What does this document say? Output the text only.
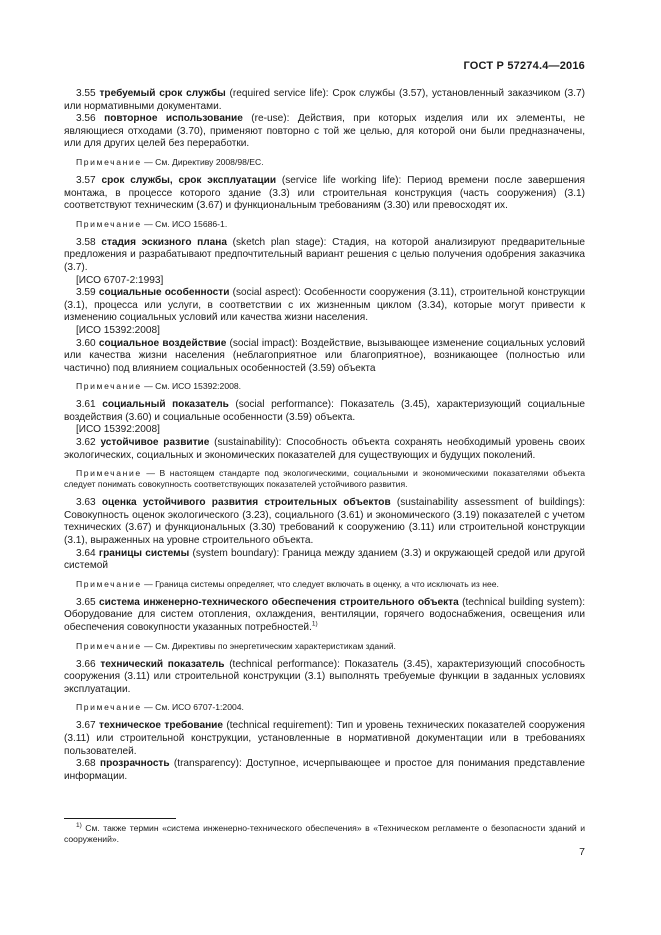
ГОСТ Р 57274.4—2016

3.55 требуемый срок службы (required service life): Срок службы (3.57), установленный заказчиком (3.7) или нормативными документами.

3.56 повторное использование (re-use): Действия, при которых изделия или их элементы, не являющиеся отходами (3.70), применяют повторно с той же целью, для которой они были предназначены, или для других целей без переработки.

Примечание — См. Директиву 2008/98/ЕС.

3.57 срок службы, срок эксплуатации (service life working life): Период времени после завершения монтажа, в процессе которого здание (3.3) или строительная конструкция (часть сооружения) (3.1) соответствуют техническим (3.67) и функциональным требованиям (3.30) или превосходят их.

Примечание — См. ИСО 15686-1.

3.58 стадия эскизного плана (sketch plan stage): Стадия, на которой анализируют предварительные предложения и разрабатывают предпочтительный вариант решения с целью получения одобрения заказчика (3.7).

[ИСО 6707-2:1993]

3.59 социальные особенности (social aspect): Особенности сооружения (3.11), строительной конструкции (3.1), процесса или услуги, в соответствии с их жизненным циклом (3.34), которые могут привести к изменению социальных условий или качества жизни населения.

[ИСО 15392:2008]

3.60 социальное воздействие (social impact): Воздействие, вызывающее изменение социальных условий или качества жизни населения (неблагоприятное или благоприятное), возникающее (полностью или частично) под влиянием социальных особенностей (3.59) объекта

Примечание — См. ИСО 15392:2008.

3.61 социальный показатель (social performance): Показатель (3.45), характеризующий социальные воздействия (3.60) и социальные особенности (3.59) объекта.

[ИСО 15392:2008]

3.62 устойчивое развитие (sustainability): Способность объекта сохранять необходимый уровень своих экологических, социальных и экономических показателей для существующих и будущих поколений.

Примечание — В настоящем стандарте под экологическими, социальными и экономическими показателями объекта следует понимать совокупность соответствующих показателей устойчивого развития.

3.63 оценка устойчивого развития строительных объектов (sustainability assessment of buildings): Совокупность оценок экологического (3.23), социального (3.61) и экономического (3.19) показателей с учетом технических (3.67) и функциональных (3.30) требований к сооружению (3.11) или строительной конструкции (3.1), выраженных на уровне строительного объекта.

3.64 границы системы (system boundary): Граница между зданием (3.3) и окружающей средой или другой системой

Примечание — Граница системы определяет, что следует включать в оценку, а что исключать из нее.

3.65 система инженерно-технического обеспечения строительного объекта (technical building system): Оборудование для систем отопления, охлаждения, вентиляции, горячего водоснабжения, освещения или обеспечения совокупности указанных потребностей.$^{1)}$

Примечание — См. Директивы по энергетическим характеристикам зданий.

3.66 технический показатель (technical performance): Показатель (3.45), характеризующий способность сооружения (3.11) или строительной конструкции (3.1) выполнять требуемые функции в заданных условиях эксплуатации.

Примечание — См. ИСО 6707-1:2004.

3.67 техническое требование (technical requirement): Тип и уровень технических показателей сооружения (3.11) или строительной конструкции, установленные в нормативной документации или в требованиях пользователей.

3.68 прозрачность (transparency): Доступное, исчерпывающее и простое для понимания представление информации.

$^{1)}$ См. также термин «система инженерно-технического обеспечения» в «Техническом регламенте о безопасности зданий и сооружений».
7
